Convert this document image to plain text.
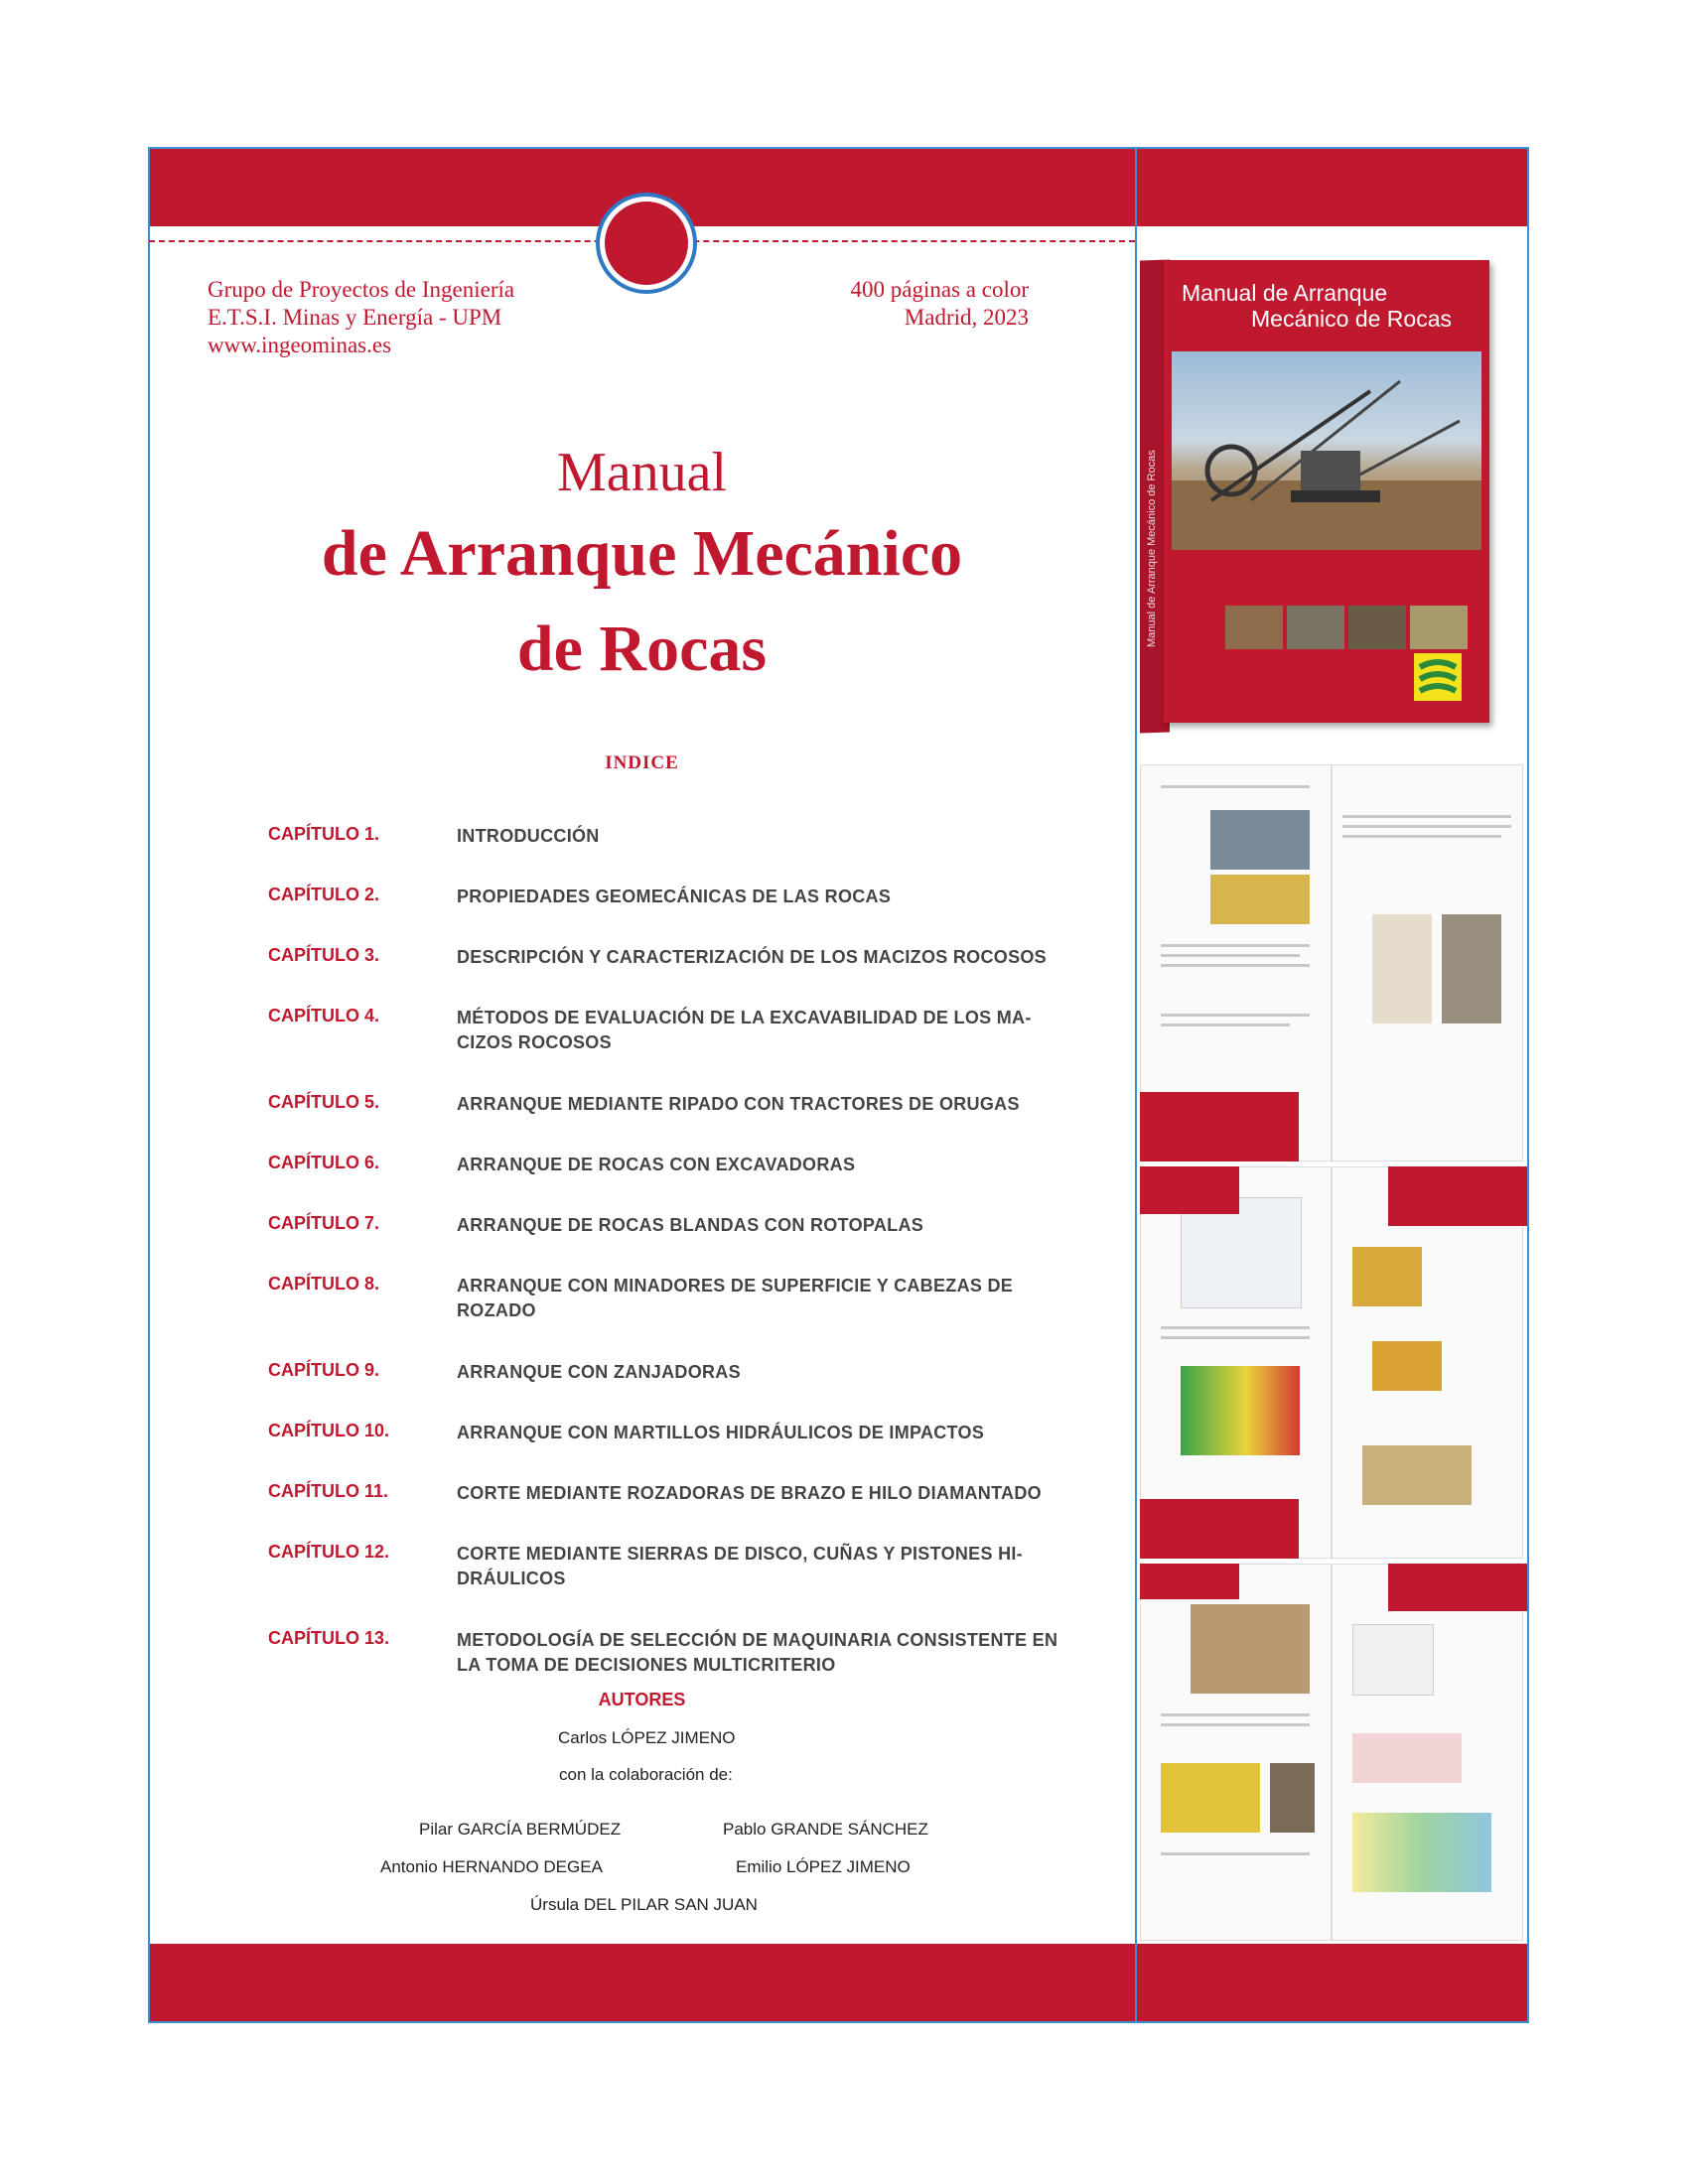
Grupo de Proyectos de Ingeniería
E.T.S.I. Minas y Energía - UPM
www.ingeominas.es
400 páginas a color
Madrid, 2023
Manual
de Arranque Mecánico
de Rocas
INDICE
CAPÍTULO 1.	INTRODUCCIÓN
CAPÍTULO 2.	PROPIEDADES GEOMECÁNICAS DE LAS ROCAS
CAPÍTULO 3.	DESCRIPCIÓN Y CARACTERIZACIÓN DE LOS MACIZOS ROCOSOS
CAPÍTULO 4.	MÉTODOS DE EVALUACIÓN DE LA EXCAVABILIDAD DE LOS MA-CIZOS ROCOSOS
CAPÍTULO 5.	ARRANQUE MEDIANTE RIPADO CON TRACTORES DE ORUGAS
CAPÍTULO 6.	ARRANQUE DE ROCAS CON EXCAVADORAS
CAPÍTULO 7.	ARRANQUE DE ROCAS BLANDAS CON ROTOPALAS
CAPÍTULO 8.	ARRANQUE CON MINADORES DE SUPERFICIE Y CABEZAS DE ROZADO
CAPÍTULO 9.	ARRANQUE CON ZANJADORAS
CAPÍTULO 10.	ARRANQUE CON MARTILLOS HIDRÁULICOS DE IMPACTOS
CAPÍTULO 11.	CORTE MEDIANTE ROZADORAS DE BRAZO E HILO DIAMANTADO
CAPÍTULO 12.	CORTE MEDIANTE SIERRAS DE DISCO, CUÑAS Y PISTONES HI-DRÁULICOS
CAPÍTULO 13.	METODOLOGÍA DE SELECCIÓN DE MAQUINARIA CONSISTENTE EN LA TOMA DE DECISIONES MULTICRITERIO
AUTORES
Carlos LÓPEZ JIMENO
con la colaboración de:
Pilar GARCÍA BERMÚDEZ	Pablo GRANDE SÁNCHEZ
Antonio HERNANDO DEGEA	Emilio LÓPEZ JIMENO
Úrsula DEL PILAR SAN JUAN
Manual de Arranque Mecánico de Rocas
Manual de Arranque
Mecánico de Rocas
